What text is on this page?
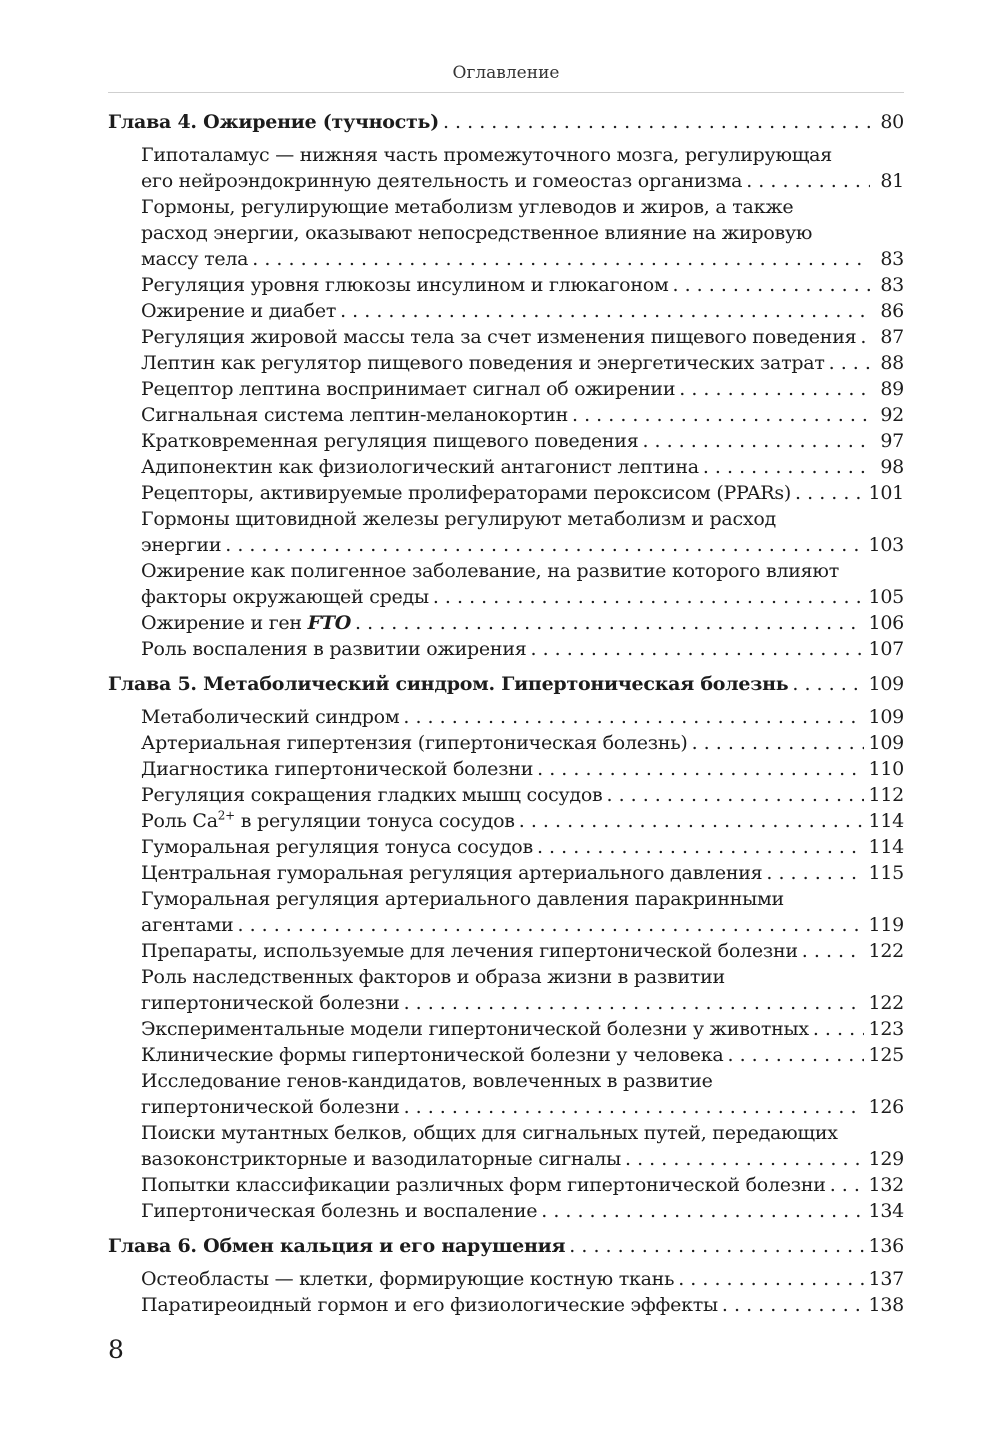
Оглавление
Глава 4. Ожирение (тучность) . . .	80
Гипоталамус — нижняя часть промежуточного мозга, регулирующая
его нейроэндокринную деятельность и гомеостаз организма . . .	81
Гормоны, регулирующие метаболизм углеводов и жиров, а также
расход энергии, оказывают непосредственное влияние на жировую
массу тела . . .	83
Регуляция уровня глюкозы инсулином и глюкагоном . . .	83
Ожирение и диабет . . .	86
Регуляция жировой массы тела за счет изменения пищевого поведения . . .	87
Лептин как регулятор пищевого поведения и энергетических затрат . . .	88
Рецептор лептина воспринимает сигнал об ожирении . . .	89
Сигнальная система лептин-меланокортин . . .	92
Кратковременная регуляция пищевого поведения . . .	97
Адипонектин как физиологический антагонист лептина . . .	98
Рецепторы, активируемые пролифераторами пероксисом (PPARs) . . .	101
Гормоны щитовидной железы регулируют метаболизм и расход
энергии . . .	103
Ожирение как полигенное заболевание, на развитие которого влияют
факторы окружающей среды . . .	105
Ожирение и ген FTO . . .	106
Роль воспаления в развитии ожирения . . .	107
Глава 5. Метаболический синдром. Гипертоническая болезнь . . .	109
Метаболический синдром . . .	109
Артериальная гипертензия (гипертоническая болезнь) . . .	109
Диагностика гипертонической болезни . . .	110
Регуляция сокращения гладких мышц сосудов . . .	112
Роль $Ca^{2+}$ в регуляции тонуса сосудов . . .	114
Гуморальная регуляция тонуса сосудов . . .	114
Центральная гуморальная регуляция артериального давления . . .	115
Гуморальная регуляция артериального давления паракринными
агентами . . .	119
Препараты, используемые для лечения гипертонической болезни . . .	122
Роль наследственных факторов и образа жизни в развитии
гипертонической болезни . . .	122
Экспериментальные модели гипертонической болезни у животных . . .	123
Клинические формы гипертонической болезни у человека . . .	125
Исследование генов-кандидатов, вовлеченных в развитие
гипертонической болезни . . .	126
Поиски мутантных белков, общих для сигнальных путей, передающих
вазоконстрикторные и вазодилаторные сигналы . . .	129
Попытки классификации различных форм гипертонической болезни . . . 132
Гипертоническая болезнь и воспаление . . .	134
Глава 6. Обмен кальция и его нарушения . . .	136
Остеобласты — клетки, формирующие костную ткань . . .	137
Паратиреоидный гормон и его физиологические эффекты . . .	138
8
